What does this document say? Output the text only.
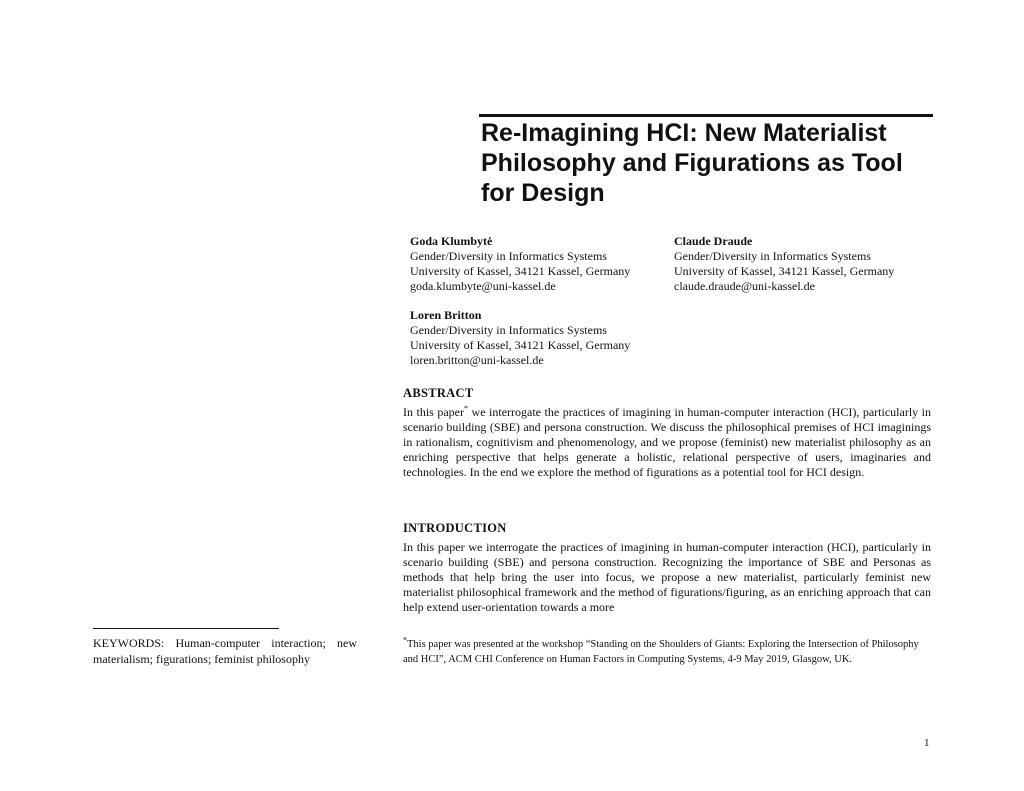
Re-Imagining HCI: New Materialist Philosophy and Figurations as Tool for Design
Goda Klumbytė
Gender/Diversity in Informatics Systems
University of Kassel, 34121 Kassel, Germany
goda.klumbyte@uni-kassel.de
Claude Draude
Gender/Diversity in Informatics Systems
University of Kassel, 34121 Kassel, Germany
claude.draude@uni-kassel.de
Loren Britton
Gender/Diversity in Informatics Systems
University of Kassel, 34121 Kassel, Germany
loren.britton@uni-kassel.de
ABSTRACT

In this paper* we interrogate the practices of imagining in human-computer interaction (HCI), particularly in scenario building (SBE) and persona construction. We discuss the philosophical premises of HCI imaginings in rationalism, cognitivism and phenomenology, and we propose (feminist) new materialist philosophy as an enriching perspective that helps generate a holistic, relational perspective of users, imaginaries and technologies. In the end we explore the method of figurations as a potential tool for HCI design.

INTRODUCTION

In this paper we interrogate the practices of imagining in human-computer interaction (HCI), particularly in scenario building (SBE) and persona construction. Recognizing the importance of SBE and Personas as methods that help bring the user into focus, we propose a new materialist, particularly feminist new materialist philosophical framework and the method of figurations/figuring, as an enriching approach that can help extend user-orientation towards a more

KEYWORDS: Human-computer interaction; new materialism; figurations; feminist philosophy

*This paper was presented at the workshop “Standing on the Shoulders of Giants: Exploring the Intersection of Philosophy and HCI”, ACM CHI Conference on Human Factors in Computing Systems, 4-9 May 2019, Glasgow, UK.

1
